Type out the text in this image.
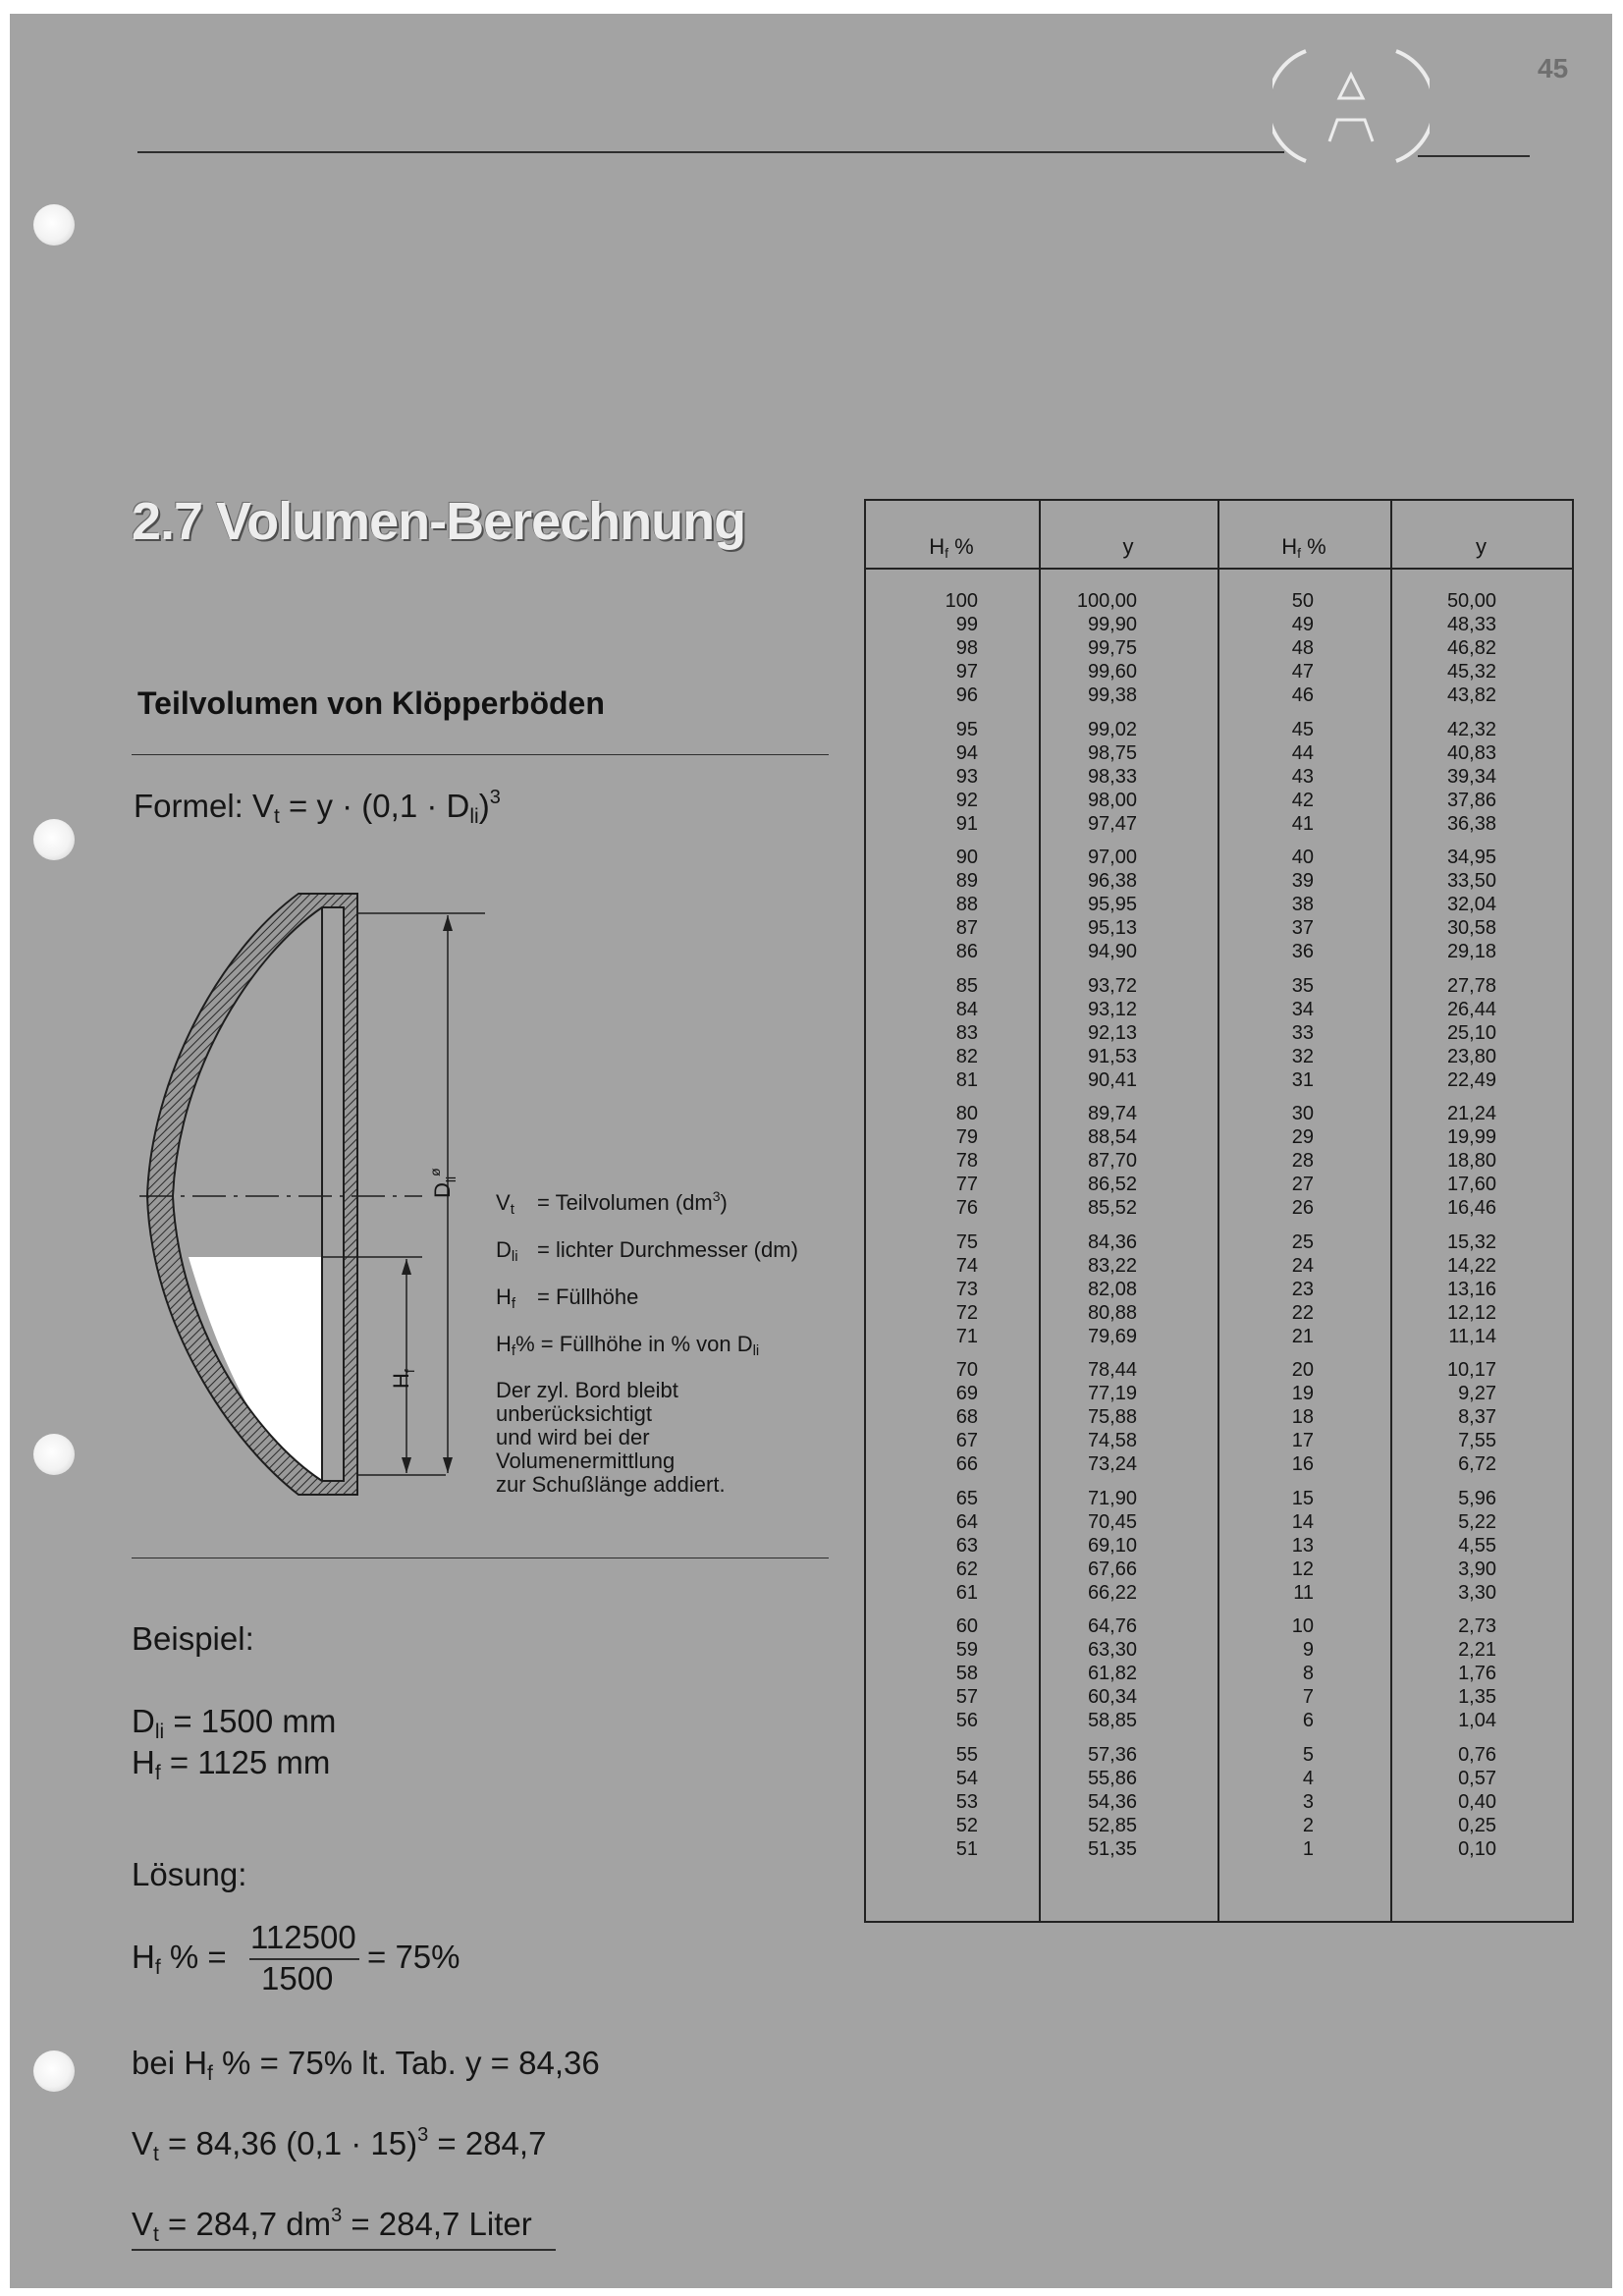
45
2.7 Volumen-Berechnung
Teilvolumen von Klöpperböden
Formel: Vt = y · (0,1 · Dli)$^3$
$D_{li}^ø$
$H_f$
Vt = Teilvolumen $(dm^3)$
Dli = lichter Durchmesser (dm)
Hf = Füllhöhe
Hf% = Füllhöhe in % von Dli
Der zyl. Bord bleibt
unberücksichtigt
und wird bei der
Volumenermittlung
zur Schußlänge addiert.
Beispiel:
Dli = 1500 mm
Hf = 1125 mm
Lösung:
Hf % =
112500
1500
= 75%
bei Hf % = 75% lt. Tab. y = 84,36
Vt = 84,36 $(0,1 \cdot 15)^3 = 284,7$
Vt = 284,7 $dm^3 = 284,7$ Liter
Hf %	y	Hf %	y
100	100,00	50	50,00
99	99,90	49	48,33
98	99,75	48	46,82
97	99,60	47	45,32
96	99,38	46	43,82
95	99,02	45	42,32
94	98,75	44	40,83
93	98,33	43	39,34
92	98,00	42	37,86
91	97,47	41	36,38
90	97,00	40	34,95
89	96,38	39	33,50
88	95,95	38	32,04
87	95,13	37	30,58
86	94,90	36	29,18
85	93,72	35	27,78
84	93,12	34	26,44
83	92,13	33	25,10
82	91,53	32	23,80
81	90,41	31	22,49
80	89,74	30	21,24
79	88,54	29	19,99
78	87,70	28	18,80
77	86,52	27	17,60
76	85,52	26	16,46
75	84,36	25	15,32
74	83,22	24	14,22
73	82,08	23	13,16
72	80,88	22	12,12
71	79,69	21	11,14
70	78,44	20	10,17
69	77,19	19	9,27
68	75,88	18	8,37
67	74,58	17	7,55
66	73,24	16	6,72
65	71,90	15	5,96
64	70,45	14	5,22
63	69,10	13	4,55
62	67,66	12	3,90
61	66,22	11	3,30
60	64,76	10	2,73
59	63,30	9	2,21
58	61,82	8	1,76
57	60,34	7	1,35
56	58,85	6	1,04
55	57,36	5	0,76
54	55,86	4	0,57
53	54,36	3	0,40
52	52,85	2	0,25
51	51,35	1	0,10
